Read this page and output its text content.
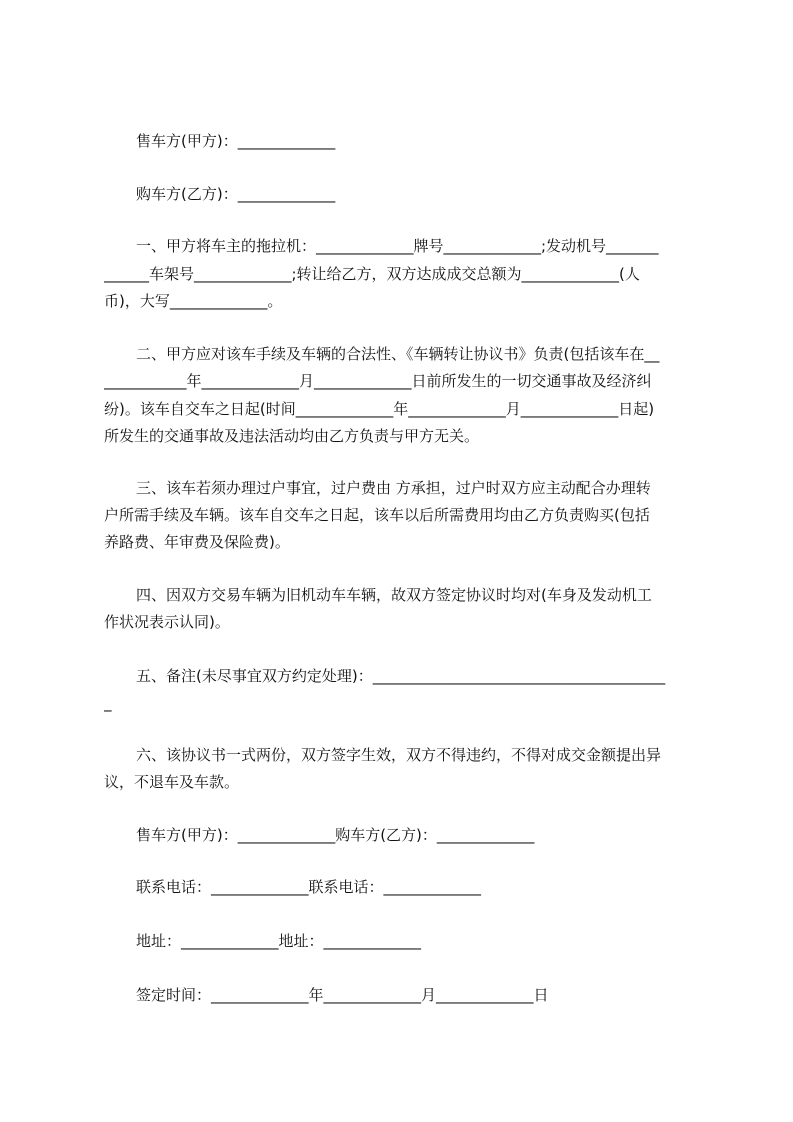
售车方(甲方)：_____________
购车方(乙方)：_____________
一、甲方将车主的拖拉机：_____________牌号_____________;发动机号_______
______车架号_____________;转让给乙方，双方达成成交总额为_____________(人
币)，大写_____________。
二、甲方应对该车手续及车辆的合法性、《车辆转让协议书》负责(包括该车在__
___________年_____________月_____________日前所发生的一切交通事故及经济纠
纷)。该车自交车之日起(时间_____________年_____________月_____________日起)
所发生的交通事故及违法活动均由乙方负责与甲方无关。
三、该车若须办理过户事宜，过户费由 方承担，过户时双方应主动配合办理转
户所需手续及车辆。该车自交车之日起，该车以后所需费用均由乙方负责购买(包括
养路费、年审费及保险费)。
四、因双方交易车辆为旧机动车车辆，故双方签定协议时均对(车身及发动机工
作状况表示认同)。
五、备注(未尽事宜双方约定处理)：_______________________________________
_
六、该协议书一式两份，双方签字生效，双方不得违约，不得对成交金额提出异
议，不退车及车款。
售车方(甲方)：_____________购车方(乙方)：_____________
联系电话：_____________联系电话：_____________
地址：_____________地址：_____________
签定时间：_____________年_____________月_____________日
